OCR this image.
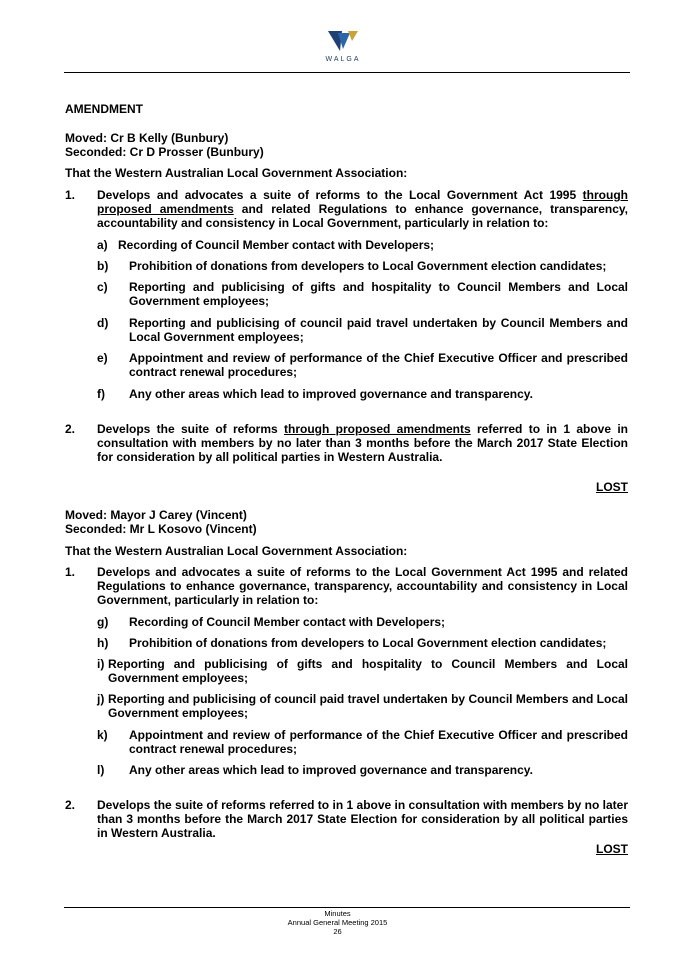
WALGA
AMENDMENT
Moved: Cr B Kelly (Bunbury)
Seconded: Cr D Prosser (Bunbury)
That the Western Australian Local Government Association:
1. Develops and advocates a suite of reforms to the Local Government Act 1995 through proposed amendments and related Regulations to enhance governance, transparency, accountability and consistency in Local Government, particularly in relation to:
a) Recording of Council Member contact with Developers;
b) Prohibition of donations from developers to Local Government election candidates;
c) Reporting and publicising of gifts and hospitality to Council Members and Local Government employees;
d) Reporting and publicising of council paid travel undertaken by Council Members and Local Government employees;
e) Appointment and review of performance of the Chief Executive Officer and prescribed contract renewal procedures;
f) Any other areas which lead to improved governance and transparency.
2. Develops the suite of reforms through proposed amendments referred to in 1 above in consultation with members by no later than 3 months before the March 2017 State Election for consideration by all political parties in Western Australia.
LOST
Moved: Mayor J Carey (Vincent)
Seconded: Mr L Kosovo (Vincent)
That the Western Australian Local Government Association:
1. Develops and advocates a suite of reforms to the Local Government Act 1995 and related Regulations to enhance governance, transparency, accountability and consistency in Local Government, particularly in relation to:
g) Recording of Council Member contact with Developers;
h) Prohibition of donations from developers to Local Government election candidates;
i) Reporting and publicising of gifts and hospitality to Council Members and Local Government employees;
j) Reporting and publicising of council paid travel undertaken by Council Members and Local Government employees;
k) Appointment and review of performance of the Chief Executive Officer and prescribed contract renewal procedures;
l) Any other areas which lead to improved governance and transparency.
2. Develops the suite of reforms referred to in 1 above in consultation with members by no later than 3 months before the March 2017 State Election for consideration by all political parties in Western Australia.
LOST
Minutes
Annual General Meeting 2015
26
